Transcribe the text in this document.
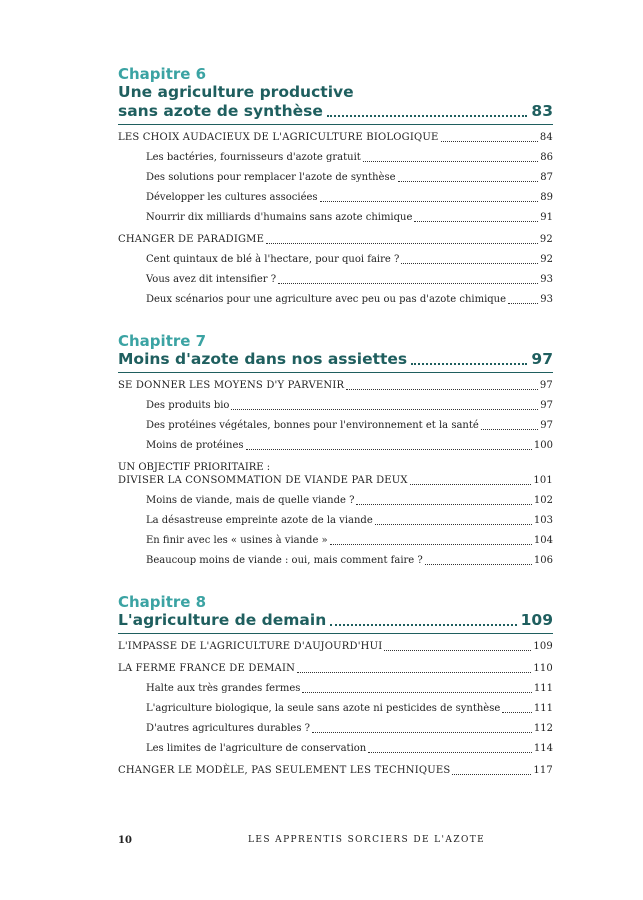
Chapitre 6
Une agriculture productive
sans azote de synthèse	83
LES CHOIX AUDACIEUX DE L'AGRICULTURE BIOLOGIQUE	84
Les bactéries, fournisseurs d'azote gratuit	86
Des solutions pour remplacer l'azote de synthèse	87
Développer les cultures associées	89
Nourrir dix milliards d'humains sans azote chimique	91
CHANGER DE PARADIGME	92
Cent quintaux de blé à l'hectare, pour quoi faire ?	92
Vous avez dit intensifier ?	93
Deux scénarios pour une agriculture avec peu ou pas d'azote chimique	93
Chapitre 7
Moins d'azote dans nos assiettes	97
SE DONNER LES MOYENS D'Y PARVENIR	97
Des produits bio	97
Des protéines végétales, bonnes pour l'environnement et la santé	97
Moins de protéines	100
UN OBJECTIF PRIORITAIRE :
DIVISER LA CONSOMMATION DE VIANDE PAR DEUX	101
Moins de viande, mais de quelle viande ?	102
La désastreuse empreinte azote de la viande	103
En finir avec les « usines à viande »	104
Beaucoup moins de viande : oui, mais comment faire ?	106
Chapitre 8
L'agriculture de demain	109
L'IMPASSE DE L'AGRICULTURE D'AUJOURD'HUI	109
LA FERME FRANCE DE DEMAIN	110
Halte aux très grandes fermes	111
L'agriculture biologique, la seule sans azote ni pesticides de synthèse	111
D'autres agricultures durables ?	112
Les limites de l'agriculture de conservation	114
CHANGER LE MODÈLE, PAS SEULEMENT LES TECHNIQUES	117
10	LES APPRENTIS SORCIERS DE L'AZOTE
